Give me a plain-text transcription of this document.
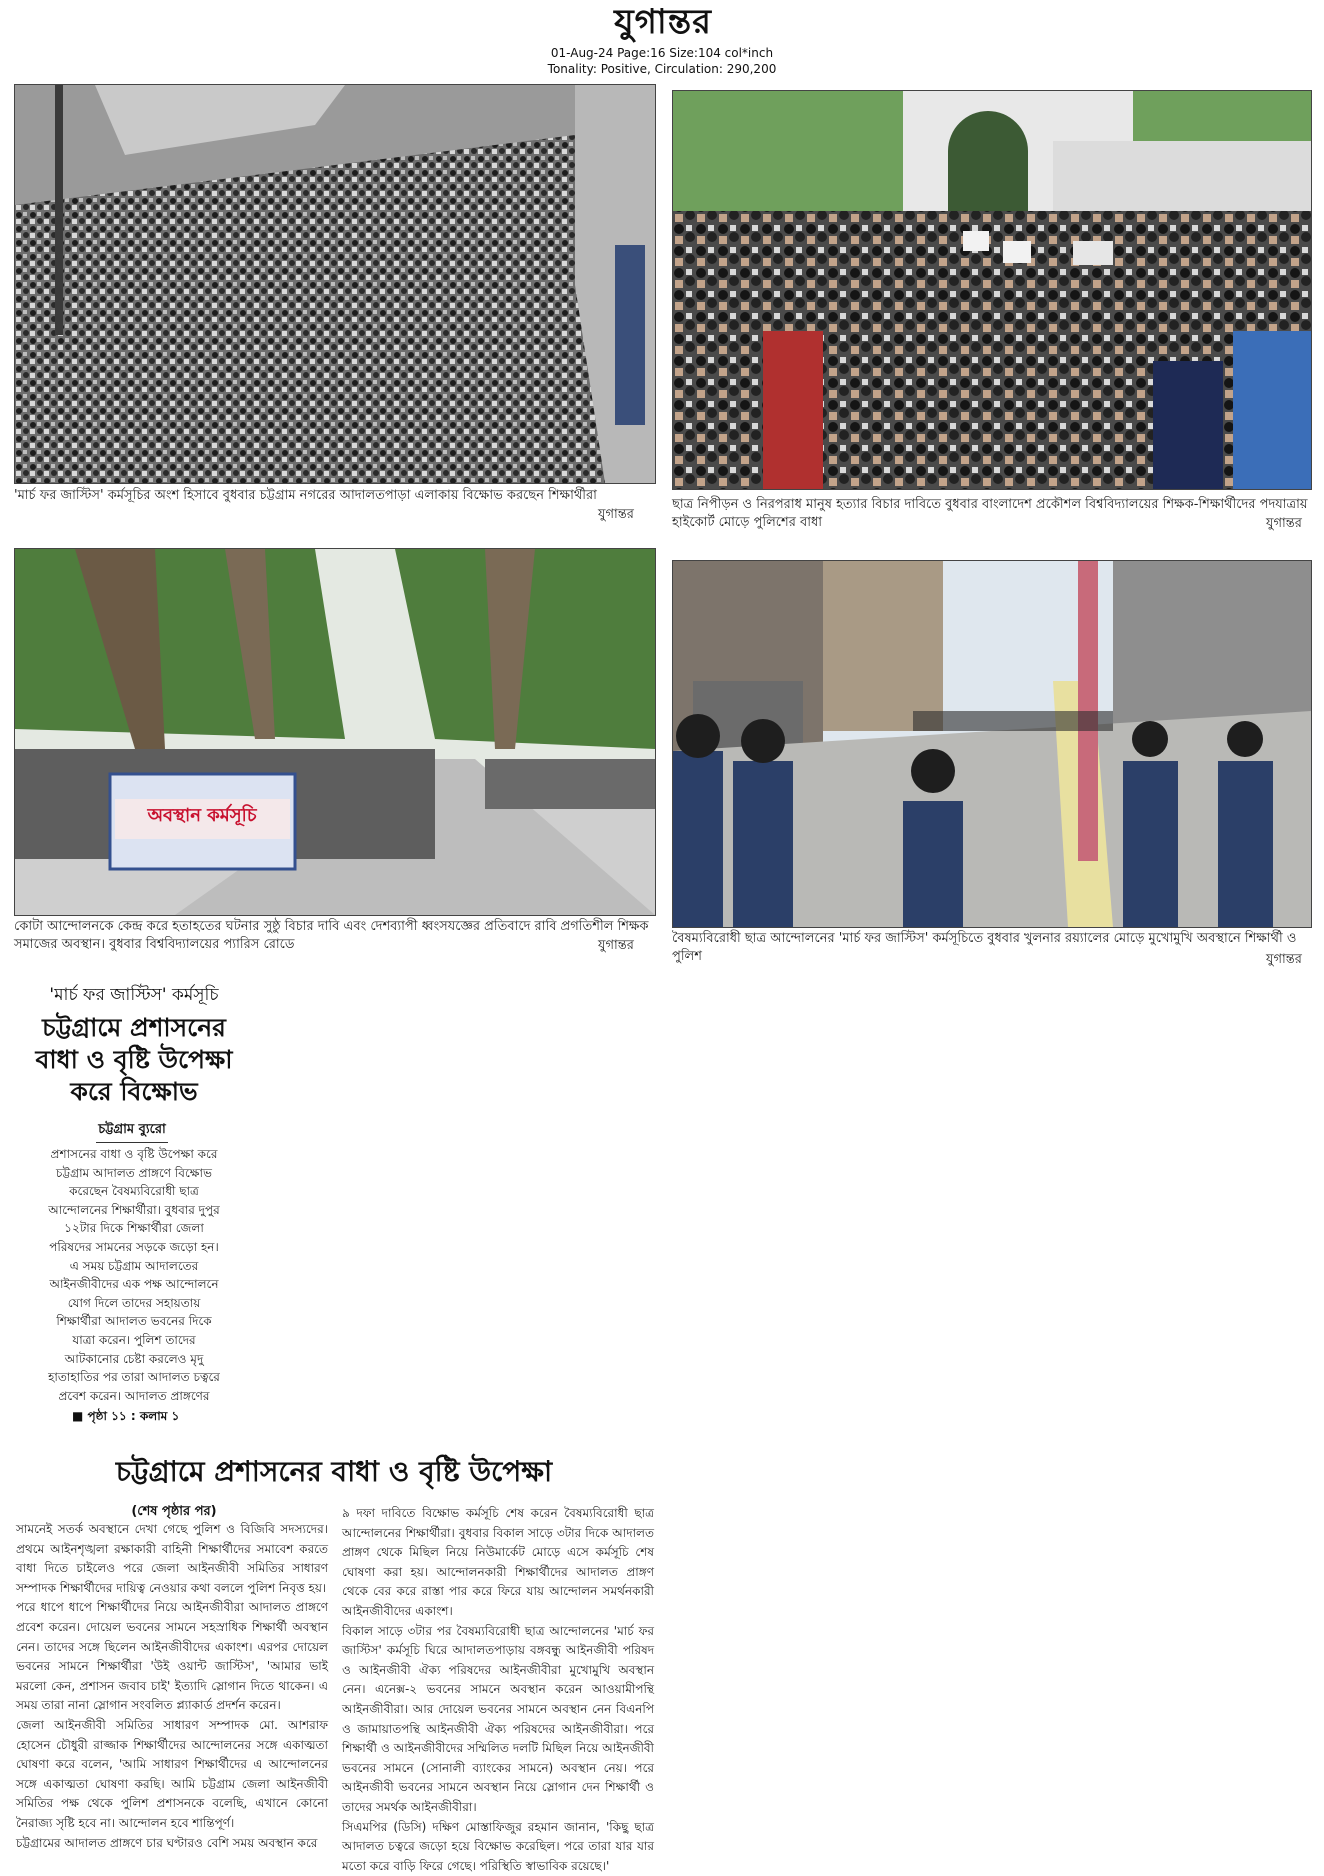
যুগান্তর
01-Aug-24 Page:16 Size:104 col*inch
Tonality: Positive, Circulation: 290,200
'মার্চ ফর জাস্টিস' কর্মসূচির অংশ হিসাবে বুধবার চট্টগ্রাম নগরের আদালতপাড়া এলাকায় বিক্ষোভ করছেন শিক্ষার্থীরা
যুগান্তর
ছাত্র নিপীড়ন ও নিরপরাধ মানুষ হত্যার বিচার দাবিতে বুধবার বাংলাদেশ প্রকৌশল বিশ্ববিদ্যালয়ের শিক্ষক-শিক্ষার্থীদের পদযাত্রায় হাইকোর্ট মোড়ে পুলিশের বাধা	যুগান্তর
অবস্থান কর্মসূচি
কোটা আন্দোলনকে কেন্দ্র করে হতাহতের ঘটনার সুষ্ঠু বিচার দাবি এবং দেশব্যাপী ধ্বংসযজ্ঞের প্রতিবাদে রাবি প্রগতিশীল শিক্ষক সমাজের অবস্থান। বুধবার বিশ্ববিদ্যালয়ের প্যারিস রোডে	যুগান্তর	বৈষম্যবিরোধী ছাত্র আন্দোলনের 'মার্চ ফর জাস্টিস' কর্মসূচিতে বুধবার খুলনার রয়্যালের মোড়ে মুখোমুখি অবস্থানে শিক্ষার্থী ও পুলিশ	যুগান্তর
'মার্চ ফর জাস্টিস' কর্মসূচি
চট্টগ্রামে প্রশাসনের
বাধা ও বৃষ্টি উপেক্ষা
করে বিক্ষোভ
চট্টগ্রাম ব্যুরো
প্রশাসনের বাধা ও বৃষ্টি উপেক্ষা করে
চট্টগ্রাম আদালত প্রাঙ্গণে বিক্ষোভ
করেছেন বৈষম্যবিরোধী ছাত্র
আন্দোলনের শিক্ষার্থীরা। বুধবার দুপুর
১২টার দিকে শিক্ষার্থীরা জেলা
পরিষদের সামনের সড়কে জড়ো হন।
এ সময় চট্টগ্রাম আদালতের
আইনজীবীদের এক পক্ষ আন্দোলনে
যোগ দিলে তাদের সহায়তায়
শিক্ষার্থীরা আদালত ভবনের দিকে
যাত্রা করেন। পুলিশ তাদের
আটকানোর চেষ্টা করলেও মৃদু
হাতাহাতির পর তারা আদালত চত্বরে
প্রবেশ করেন। আদালত প্রাঙ্গণের
■ পৃষ্ঠা ১১ : কলাম ১
চট্টগ্রামে প্রশাসনের বাধা ও বৃষ্টি উপেক্ষা
(শেষ পৃষ্ঠার পর)

সামনেই সতর্ক অবস্থানে দেখা গেছে পুলিশ ও বিজিবি সদস্যদের। প্রথমে আইনশৃঙ্খলা রক্ষাকারী বাহিনী শিক্ষার্থীদের সমাবেশ করতে বাধা দিতে চাইলেও পরে জেলা আইনজীবী সমিতির সাধারণ সম্পাদক শিক্ষার্থীদের দায়িত্ব নেওয়ার কথা বললে পুলিশ নিবৃত্ত হয়।

পরে ধাপে ধাপে শিক্ষার্থীদের নিয়ে আইনজীবীরা আদালত প্রাঙ্গণে প্রবেশ করেন। দোয়েল ভবনের সামনে সহস্রাধিক শিক্ষার্থী অবস্থান নেন। তাদের সঙ্গে ছিলেন আইনজীবীদের একাংশ। এরপর দোয়েল ভবনের সামনে শিক্ষার্থীরা 'উই ওয়ান্ট জাস্টিস', 'আমার ভাই মরলো কেন, প্রশাসন জবাব চাই' ইত্যাদি স্লোগান দিতে থাকেন। এ সময় তারা নানা স্লোগান সংবলিত প্ল্যাকার্ড প্রদর্শন করেন।

জেলা আইনজীবী সমিতির সাধারণ সম্পাদক মো. আশরাফ হোসেন চৌধুরী রাজ্জাক শিক্ষার্থীদের আন্দোলনের সঙ্গে একাত্মতা ঘোষণা করে বলেন, 'আমি সাধারণ শিক্ষার্থীদের এ আন্দোলনের সঙ্গে একাত্মতা ঘোষণা করছি। আমি চট্টগ্রাম জেলা আইনজীবী সমিতির পক্ষ থেকে পুলিশ প্রশাসনকে বলেছি, এখানে কোনো নৈরাজ্য সৃষ্টি হবে না। আন্দোলন হবে শান্তিপূর্ণ।

চট্টগ্রামের আদালত প্রাঙ্গণে চার ঘণ্টারও বেশি সময় অবস্থান করে

৯ দফা দাবিতে বিক্ষোভ কর্মসূচি শেষ করেন বৈষম্যবিরোধী ছাত্র আন্দোলনের শিক্ষার্থীরা। বুধবার বিকাল সাড়ে ৩টার দিকে আদালত প্রাঙ্গণ থেকে মিছিল নিয়ে নিউমার্কেট মোড়ে এসে কর্মসূচি শেষ ঘোষণা করা হয়। আন্দোলনকারী শিক্ষার্থীদের আদালত প্রাঙ্গণ থেকে বের করে রাস্তা পার করে ফিরে যায় আন্দোলন সমর্থনকারী আইনজীবীদের একাংশ।

বিকাল সাড়ে ৩টার পর বৈষম্যবিরোধী ছাত্র আন্দোলনের 'মার্চ ফর জাস্টিস' কর্মসূচি ঘিরে আদালতপাড়ায় বঙ্গবন্ধু আইনজীবী পরিষদ ও আইনজীবী ঐক্য পরিষদের আইনজীবীরা মুখোমুখি অবস্থান নেন। এনেক্স-২ ভবনের সামনে অবস্থান করেন আওয়ামীপন্থি আইনজীবীরা। আর দোয়েল ভবনের সামনে অবস্থান নেন বিএনপি ও জামায়াতপন্থি আইনজীবী ঐক্য পরিষদের আইনজীবীরা। পরে শিক্ষার্থী ও আইনজীবীদের সম্মিলিত দলটি মিছিল নিয়ে আইনজীবী ভবনের সামনে (সোনালী ব্যাংকের সামনে) অবস্থান নেয়। পরে আইনজীবী ভবনের সামনে অবস্থান নিয়ে স্লোগান দেন শিক্ষার্থী ও তাদের সমর্থক আইনজীবীরা।

সিএমপির (ডিসি) দক্ষিণ মোস্তাফিজুর রহমান জানান, 'কিছু ছাত্র আদালত চত্বরে জড়ো হয়ে বিক্ষোভ করেছিল। পরে তারা যার যার মতো করে বাড়ি ফিরে গেছে। পরিস্থিতি স্বাভাবিক রয়েছে।'
